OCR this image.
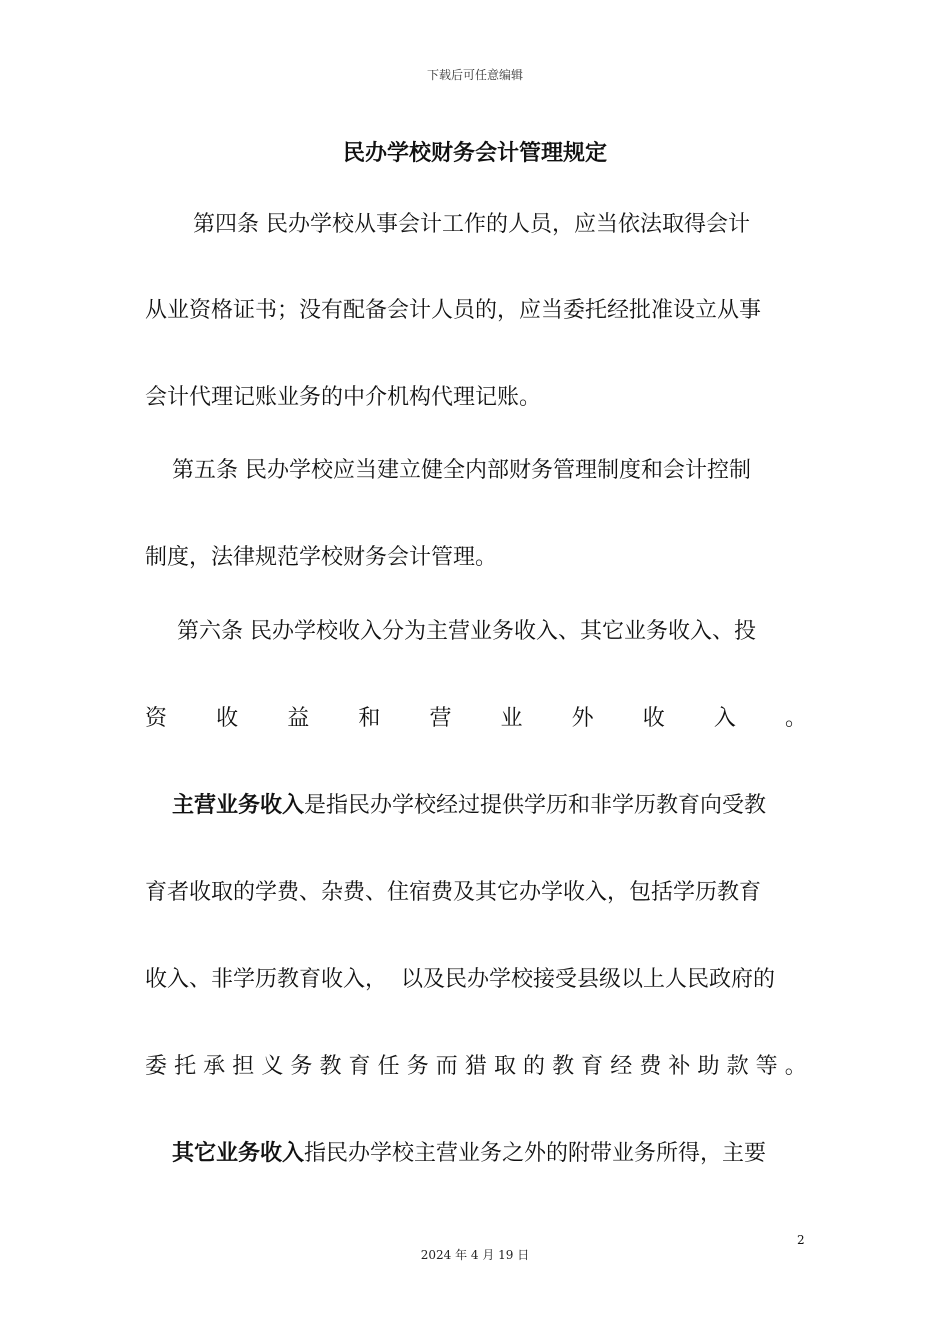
下载后可任意编辑
民办学校财务会计管理规定
第四条 民办学校从事会计工作的人员，应当依法取得会计
从业资格证书；没有配备会计人员的，应当委托经批准设立从事
会计代理记账业务的中介机构代理记账。
第五条 民办学校应当建立健全内部财务管理制度和会计控制
制度，法律规范学校财务会计管理。
第六条 民办学校收入分为主营业务收入、其它业务收入、投
资 收 益 和 营 业 外 收 入 。
主营业务收入是指民办学校经过提供学历和非学历教育向受教
育者收取的学费、杂费、住宿费及其它办学收入，包括学历教育
收入、非学历教育收入，  以及民办学校接受县级以上人民政府的
委 托 承 担 义 务 教 育 任 务 而 猎 取 的 教 育 经 费 补 助 款 等 。
其它业务收入指民办学校主营业务之外的附带业务所得，主要
2
2024 年 4 月 19 日
